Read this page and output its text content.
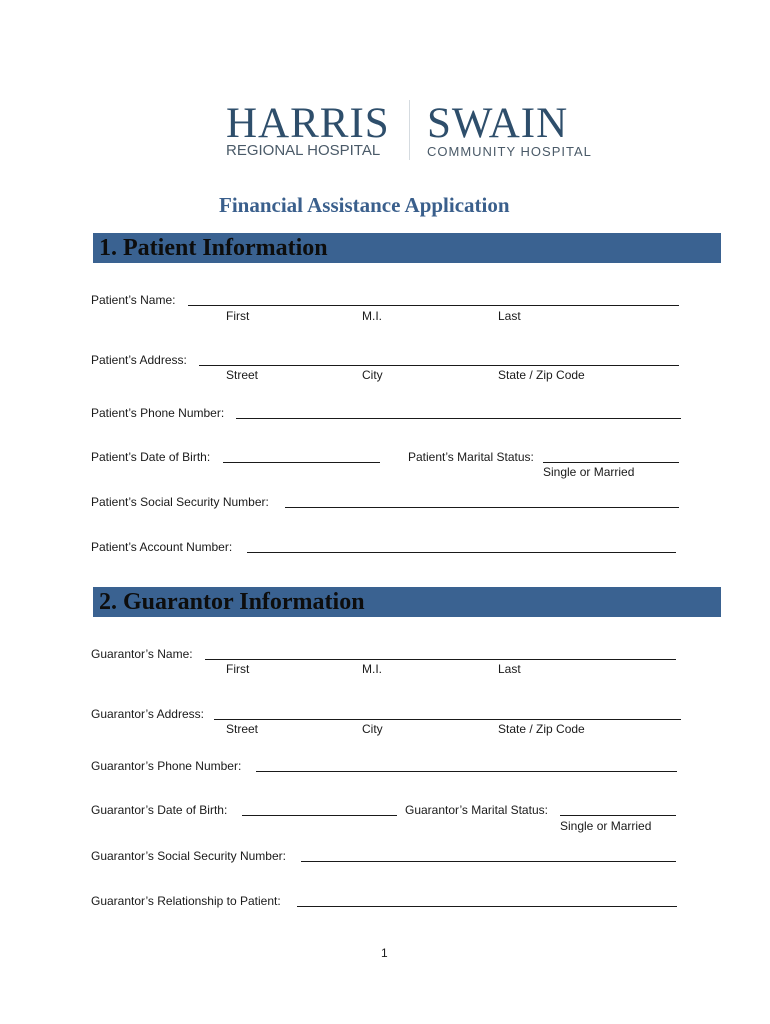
HARRIS
REGIONAL HOSPITAL
SWAIN
COMMUNITY HOSPITAL
Financial Assistance Application
1. Patient Information
Patient’s Name:
First	M.I.	Last
Patient’s Address:
Street	City	State / Zip Code
Patient’s Phone Number:
Patient’s Date of Birth:	Patient’s Marital Status:
Single or Married
Patient’s Social Security Number:
Patient’s Account Number:
2. Guarantor Information
Guarantor’s Name:
First	M.I.	Last
Guarantor’s Address:
Street	City	State / Zip Code
Guarantor’s Phone Number:
Guarantor’s Date of Birth:	Guarantor’s Marital Status:
Single or Married
Guarantor’s Social Security Number:
Guarantor’s Relationship to Patient:
1
